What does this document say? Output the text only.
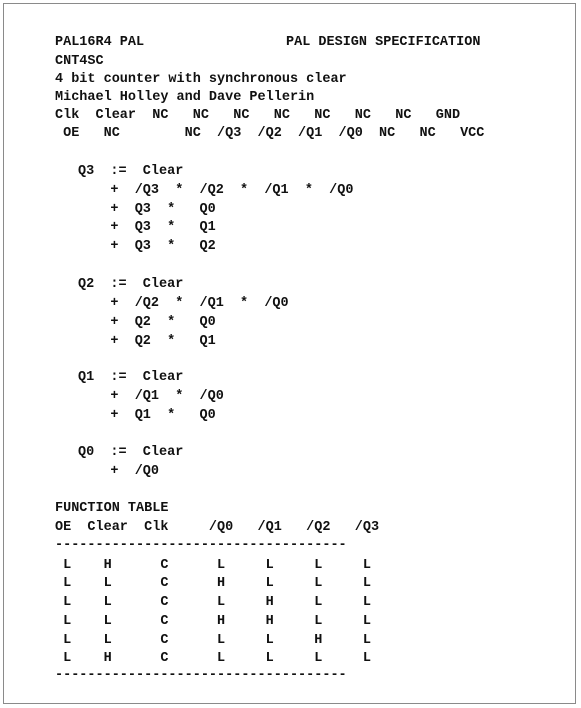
PAL16R4 PAL	PAL DESIGN SPECIFICATION
CNT4SC
4 bit counter with synchronous clear
Michael Holley and Dave Pellerin
Clk  Clear  NC   NC   NC   NC   NC   NC   NC   GND
OE   NC        NC  /Q3  /Q2  /Q1  /Q0  NC   NC   VCC
Q3  :=  Clear
+  /Q3  *  /Q2  *  /Q1  *  /Q0
+  Q3  *   Q0
+  Q3  *   Q1
+  Q3  *   Q2
Q2  :=  Clear
+  /Q2  *  /Q1  *  /Q0
+  Q2  *   Q0
+  Q2  *   Q1
Q1  :=  Clear
+  /Q1  *  /Q0
+  Q1  *   Q0
Q0  :=  Clear
+  /Q0
FUNCTION TABLE
OE  Clear  Clk     /Q0   /Q1   /Q2   /Q3
------------------------------------
L    H      C      L     L     L     L
L    L      C      H     L     L     L
L    L      C      L     H     L     L
L    L      C      H     H     L     L
L    L      C      L     L     H     L
L    H      C      L     L     L     L
------------------------------------
